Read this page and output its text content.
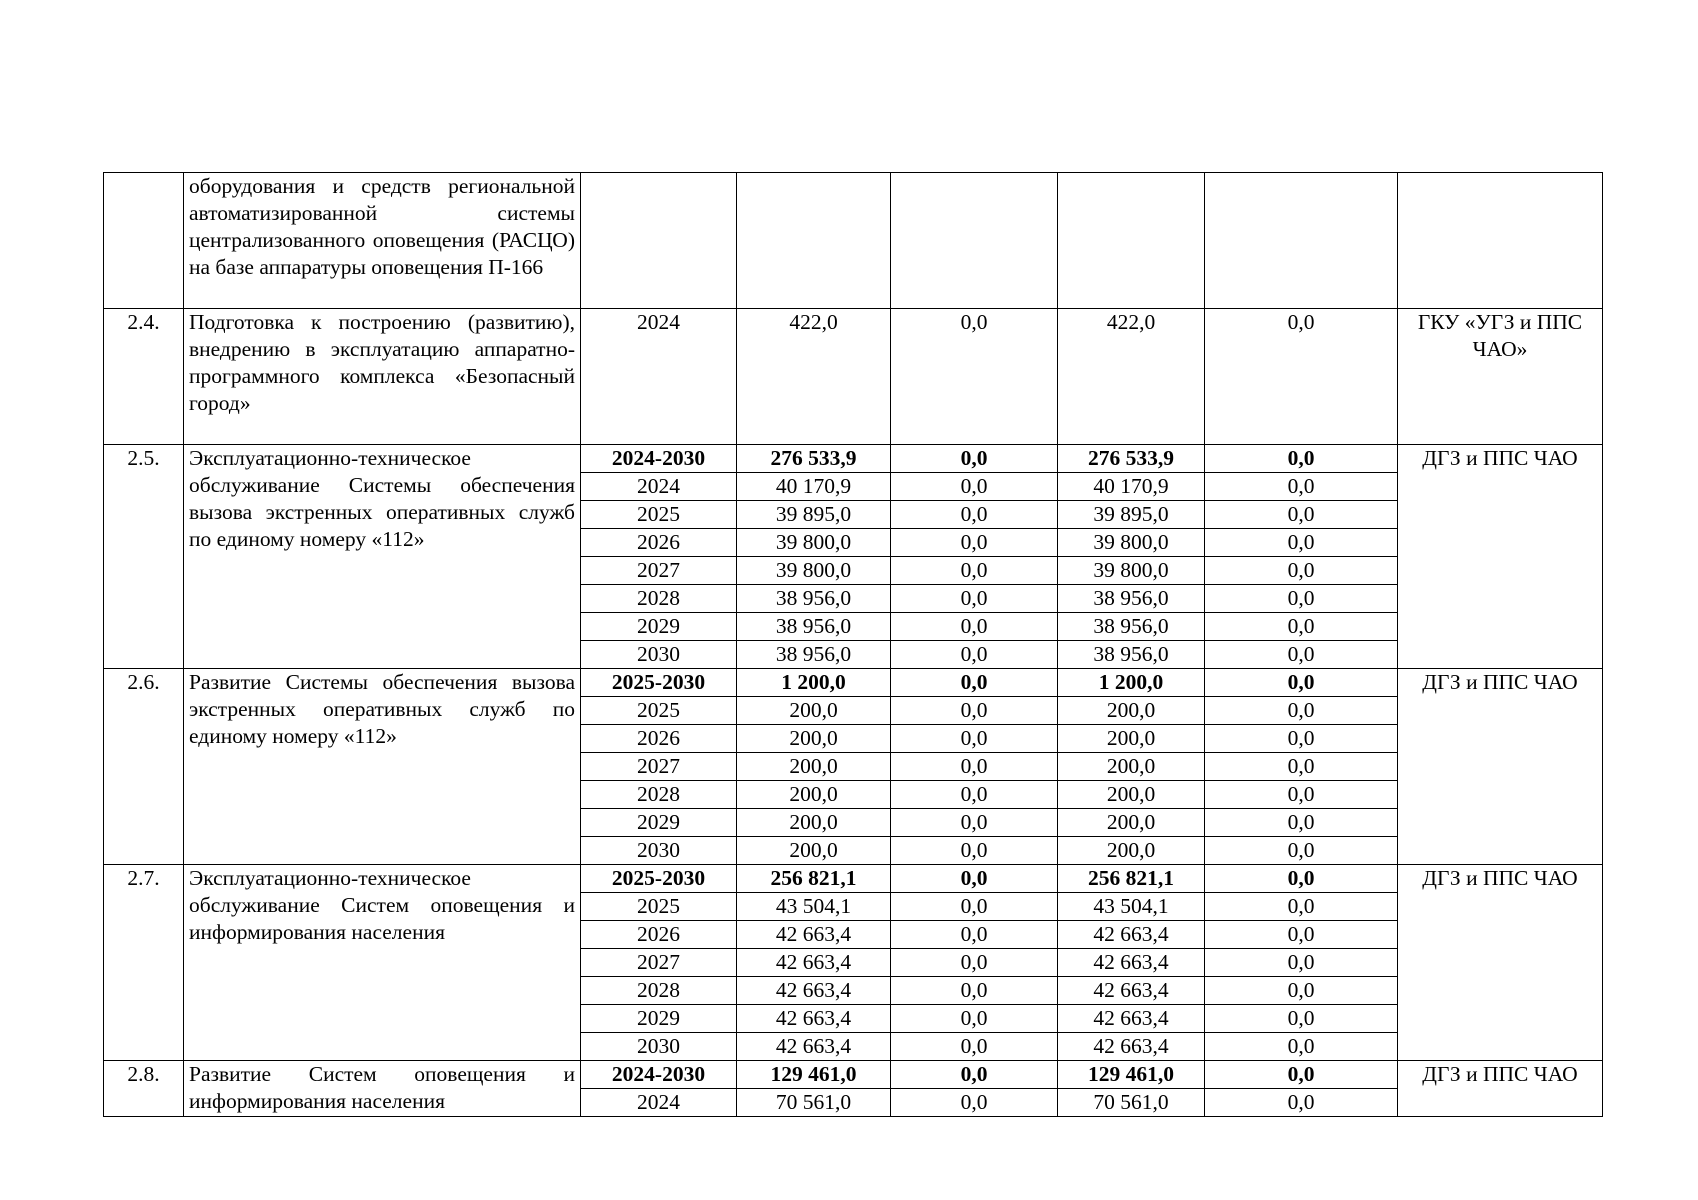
	оборудования и средств региональной автоматизированной системы централизованного оповещения (РАСЦО) на базе аппаратуры оповещения П-166						
2.4.	Подготовка к построению (развитию), внедрению в эксплуатацию аппаратно-программного комплекса «Безопасный город»	2024	422,0	0,0	422,0	0,0	ГКУ «УГЗ и ППС ЧАО»
2.5.	Эксплуатационно-техническое обслуживание Системы обеспечения вызова экстренных оперативных служб по единому номеру «112»	2024-2030	276 533,9	0,0	276 533,9	0,0	ДГЗ и ППС ЧАО
		2024	40 170,9	0,0	40 170,9	0,0	
		2025	39 895,0	0,0	39 895,0	0,0	
		2026	39 800,0	0,0	39 800,0	0,0	
		2027	39 800,0	0,0	39 800,0	0,0	
		2028	38 956,0	0,0	38 956,0	0,0	
		2029	38 956,0	0,0	38 956,0	0,0	
		2030	38 956,0	0,0	38 956,0	0,0	
2.6.	Развитие Системы обеспечения вызова экстренных оперативных служб по единому номеру «112»	2025-2030	1 200,0	0,0	1 200,0	0,0	ДГЗ и ППС ЧАО
		2025	200,0	0,0	200,0	0,0	
		2026	200,0	0,0	200,0	0,0	
		2027	200,0	0,0	200,0	0,0	
		2028	200,0	0,0	200,0	0,0	
		2029	200,0	0,0	200,0	0,0	
		2030	200,0	0,0	200,0	0,0	
2.7.	Эксплуатационно-техническое обслуживание Систем оповещения и информирования населения	2025-2030	256 821,1	0,0	256 821,1	0,0	ДГЗ и ППС ЧАО
		2025	43 504,1	0,0	43 504,1	0,0	
		2026	42 663,4	0,0	42 663,4	0,0	
		2027	42 663,4	0,0	42 663,4	0,0	
		2028	42 663,4	0,0	42 663,4	0,0	
		2029	42 663,4	0,0	42 663,4	0,0	
		2030	42 663,4	0,0	42 663,4	0,0	
2.8.	Развитие Систем оповещения и информирования населения	2024-2030	129 461,0	0,0	129 461,0	0,0	ДГЗ и ППС ЧАО
		2024	70 561,0	0,0	70 561,0	0,0	
